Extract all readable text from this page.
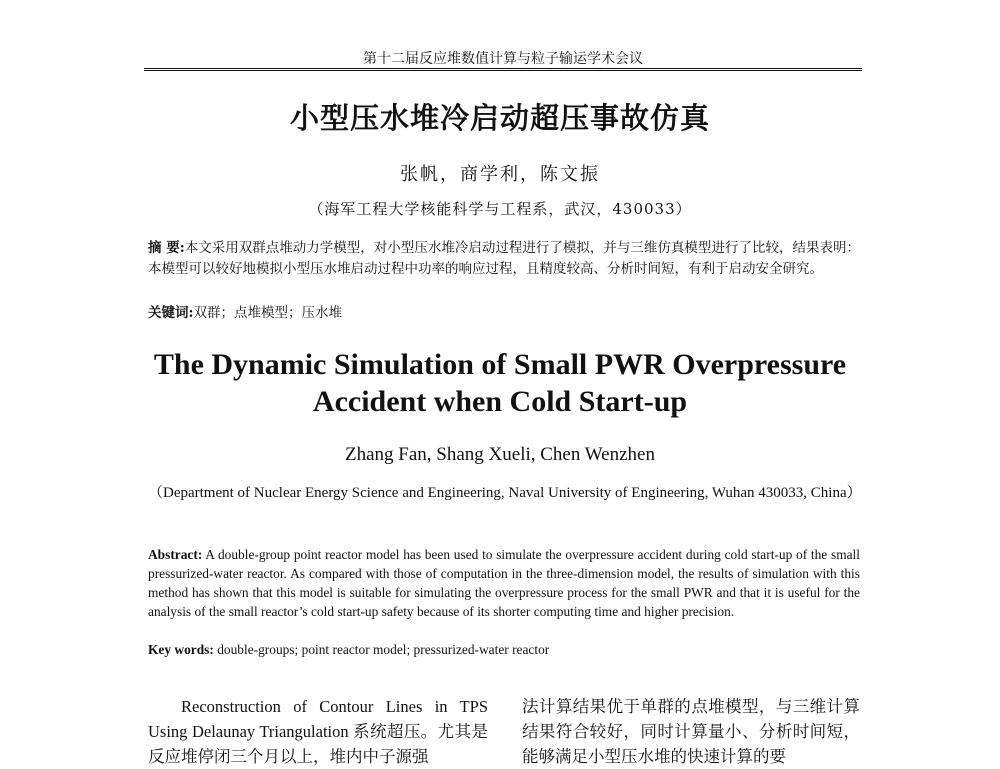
第十二届反应堆数值计算与粒子输运学术会议
小型压水堆冷启动超压事故仿真
张帆，商学利，陈文振
（海军工程大学核能科学与工程系，武汉，430033）
摘 要:本文采用双群点堆动力学模型，对小型压水堆冷启动过程进行了模拟，并与三维仿真模型进行了比较，结果表明：本模型可以较好地模拟小型压水堆启动过程中功率的响应过程，且精度较高、分析时间短，有利于启动安全研究。
关键词:双群；点堆模型；压水堆
The Dynamic Simulation of Small PWR Overpressure
Accident when Cold Start-up
Zhang Fan, Shang Xueli, Chen Wenzhen
（Department of Nuclear Energy Science and Engineering, Naval University of Engineering, Wuhan 430033, China）
Abstract: A double-group point reactor model has been used to simulate the overpressure accident during cold start-up of the small pressurized-water reactor. As compared with those of computation in the three-dimension model, the results of simulation with this method has shown that this model is suitable for simulating the overpressure process for the small PWR and that it is useful for the analysis of the small reactor’s cold start-up safety because of its shorter computing time and higher precision.
Key words: double-groups; point reactor model; pressurized-water reactor
Reconstruction of Contour Lines in TPS Using Delaunay Triangulation 系统超压。尤其是反应堆停闭三个月以上，堆内中子源强
法计算结果优于单群的点堆模型，与三维计算结果符合较好，同时计算量小、分析时间短，能够满足小型压水堆的快速计算的要
